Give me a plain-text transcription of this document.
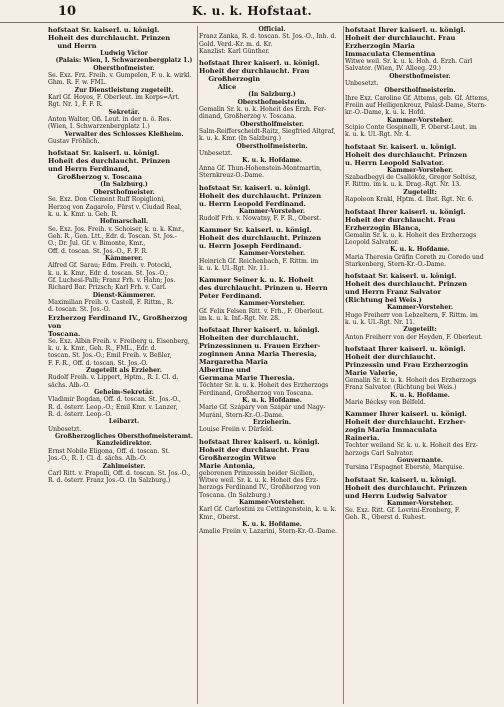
10	K. u. k. Hofstaat.

hofstaat Sr. kaiserl. u. königl.
Hoheit des durchlaucht. Prinzen
und Herrn

Ludwig Victor

(Palais: Wien, I. Schwarzenbergplatz 1.)

Obersthofmeister.

Se. Exz. Frz. Freih. v. Gumpelen, F. u. k. wirkl.
Ghm. R. F. w. FML.

Zur Dienstleistung zugeteilt.

Karl Gf. Hoyos, F. Oberleut. im Korps=Art.
Rgt. Nr. 1, F. F. R.

Sekretär.

Anton Walter, Oß. Leut. in der n. ö. Res.
(Wien, I. Schwarzenbergplatz 1.)

Verwalter des Schlosses Kleßheim.

Gustav Fröhlich.

hofstaat Sr. kaiserl. u. königl.
Hoheit des durchlaucht. Prinzen
und Herrn Ferdinand,
Großherzog v. Toscana

(In Salzburg.)

Obersthofmeister.

Se. Exz. Don Clement Ruff Ropiglioni,
Herzog von Zagarolo, Fürst v. Ciudad Real,
k. u. k. Kmr. u. Geh. R.

Hofmarschall.

Se. Exz. Jos. Freih. v. Schoiser, k. u. k. Kmr.,
Geh. R., Gen. Ltt., Edr. d. Toscan. St. Jos.-
O.; Dr. Jul. Gf. v. Bimonte, Kmr.,
Off. d. toscan. St. Jos.-O., F. F. R.

Kämmerer.

Alfred Gf. Sarau; Edm. Freih. v. Potocki,
k. u. k. Kmr., Edr. d. toscan. St. Jos.-O.;
Gf. Luchesi-Palli; Franz Frh. v. Hahn; Jos.
Richard Bar. Prizsch; Karl Frh. v. Carl.

Dienst-Kämmerer.

Maximilian Freih. v. Castell, F. Rittm., R.
d. toscan. St. Jos.-O.

Erzherzog Ferdinand IV., Großherzog von
Toscana.

Se. Exz. Albin Freih. v. Freiberg u. Eisenberg,
k. u. k. Kmr., Geh. R., FML., Edr. d.
toscan. St. Jos.-O.; Emil Freih. v. Beßler,
F. F. R., Off. d. toscan. St. Jos.-O.

Zugeteilt als Erzieher.

Rudolf Freih. v. Lippert, Hptm., R. I. Cl. d.
sächs. Alb.-O.

Geheim-Sekretär.

Vladimir Bogdan, Off. d. toscan. St. Jos.-O.,
R. d. österr. Leop.-O.; Emil Kmr. v. Lanzer,
R. d. österr. Leop.-O.

Leibarzt.

Unbesetzt.

Großherzogliches Obersthofmeisteramt.

Kanzleidirektor.

Ernst Nobile Eligona, Off. d. toscan. St.
Jos.-O., R. I. Cl. d. sächs. Alb.-O.

Zahlmeister.

Carl Ritt. v. Frapolli, Off. d. toscan. St. Jos.-O.,
R. d. österr. Franz Jos.-O. (In Salzburg.)

Official.

Franz Zanka, R. d. toscan. St. Jos.-O., Inh. d.
Gold. Verd.-Kr. m. d. Kr.

Kanzlist: Karl Günther.

hofstaat Ihrer kaiserl. u. königl.
Hoheit der durchlaucht. Frau
Großherzogin
Alice

(In Salzburg.)

Obersthofmeisterin.

Gemalin Sr. k. u. k. Hoheit des Erzh. Fer-
dinand, Großherzog v. Toscana.

Oberstholfmeister.

Salm-Reifferscheidt-Raitz, Siegfried Altgraf,
k. u. k. Kmr. (In Salzburg.)

Oberstholfmeisterin.

Unbesetzt.

K. u. k. Hofdame.

Anna Gf. Thun-Hohenstein-Montmartin,
Sternkreuz-O.-Dame.

hofstaat Sr. kaiserl. u. königl.
Hoheit des durchlaucht. Prinzen
u. Herrn Leopold Ferdinand.

Kammer-Vorsteher.

Rudolf Frh. v. Nowatny, F. F. R., Oberst.

Kammer Sr. kaiserl. u. königl.
Hoheit des durchlaucht. Prinzen
u. Herrn Joseph Ferdinand.

Kammer-Vorsteher.

Heinrich Gf. Reichenbach, F. Rittm. im
k. u. k. Ul.-Rgt. Nr. 11.

Kammer Seiner k. u. k. Hoheit
des durchlaucht. Prinzen u. Herrn
Peter Ferdinand.

Kammer-Vorsteher.

Gf. Felix Felsen Ritt. v. Frh., F. Oberleut.
im k. u. k. Inf.-Rgt. Nr. 28.

hofstaat Ihrer kaiserl. u. königl.
Hoheiten der durchlaucht.
Prinzessinnen u. Frauen Erzher-
zoginnen Anna Maria Theresia,
Margaretha Maria
Albertine und
Germana Marie Theresia.

Töchter Sr. k. u. k. Hoheit des Erzherzogs
Ferdinand, Großherzog von Toscana.

K. u. k. Hofdame.

Marie Gf. Szápáry von Szápár und Nagy-
Muráni, Stern-Kr.-O.-Dame.

Erzieherin.

Louise Freiin v. Dürfeld.

hofstaat Ihrer kaiserl. u. königl.
Hoheit der durchlaucht. Frau
Großherzogin Witwe
Marie Antonia,

geborenen Prinzessin beider Sicilien,
Witwe weil. Sr. k. u. k. Hoheit des Erz-
herzogs Ferdinand IV., Großherzog von
Toscana. (In Salzburg.)

Kammer-Vorsteher.

Karl Gf. Carlostini zu Cettingenstein, k. u. k.
Kmr., Oberst.

K. u. k. Hofdame.

Amalie Freiin v. Lazarini, Stern-Kr.-O.-Dame.

hofstaat Ihrer kaiserl. u. königl.
Hoheit der durchlaucht. Frau
Erzherzogin Maria
Immaculata Clementina

Witwe weil. Sr. k. u. k. Hoh. d. Erzh. Carl
Salvator. (Wien, IV. Alleeg. 29.)

Obersthofmeister.

Unbesetzt.

Oberstholfmeisterin.

Ihre Exz. Caroline Gf. Attems, geb. Gf. Attems,
Freiin auf Heiligenkreuz, Palast-Dame, Stern-
kr.-O.-Dame, k. u. k. Hofd.

Kammer-Vorsteher.

Scipio Conte Gospinelli, F. Oberst-Leut. im
k. u. k. Ul.-Rgt. Nr. 4.

hofstaat Sr. kaiserl. u. königl.
Hoheit des durchlaucht. Prinzen
u. Herrn Leopold Salvator.

Kammer-Vorsteher.

Szabadbegyi de Csallóköz, Gregor Soltész,
F. Rittm. im k. u. k. Drag.-Rgt. Nr. 13.

Zugeteilt:

Rapoleon Krakl, Hptm. d. Ihst. Rgt. Nr. 6.

hofstaat Ihrer kaiserl. u. königl.
Hoheit der durchlaucht. Frau
Erzherzogin Blanca,

Gemalin Sr. k. u. k. Hoheit des Erzherzogs
Leopold Salvator.

K. u. k. Hofdame.

Maria Theresia Gräfin Coreth zu Coredo und
Starkenberg, Stern-Kr.-O.-Dame.

hofstaat Sr. kaiserl. u. königl.
Hoheit des durchlaucht. Prinzen
und Herrn Franz Salvator
(Richtung bei Weis.)

Kammer-Vorsteher.

Hugo Freiherr von Lebzeltern, F. Rittm. im
k. u. k. Ul.-Rgt. Nr. 11.

Zugeteilt:

Anton Freiherr von der Heyden, F. Oberleut.

hofstaat Ihrer kaiserl. u. königl.
Hoheit der durchlaucht.
Prinzessin und Frau Erzherzogin
Marie Valerie,

Gemalin Sr. k. u. k. Hoheit des Erzherzogs
Franz Salvator. (Richtung bei Weis.)

K. u. k. Hofdame.

Marie Bécksy von Bélfeld.

Kammer Ihrer kaiserl. u. königl.
Hoheit der durchlaucht. Erzher-
zogin Maria Immaculata
Raineria.

Tochter weiland Sr. k. u. k. Hoheit des Erz-
herzogs Carl Salvator.

Gouvernante.

Tursina l'Espagnet Eberstè, Marquise.

hofstaat Sr. kaiserl. u. königl.
Hoheit des durchlaucht. Prinzen
und Herrn Ludwig Salvator

Kammer-Vorsteher.

Se. Exz. Ritt. Gf. Lovrini-Eronberg, F.
Geh. R., Oberst d. Ruhest.
